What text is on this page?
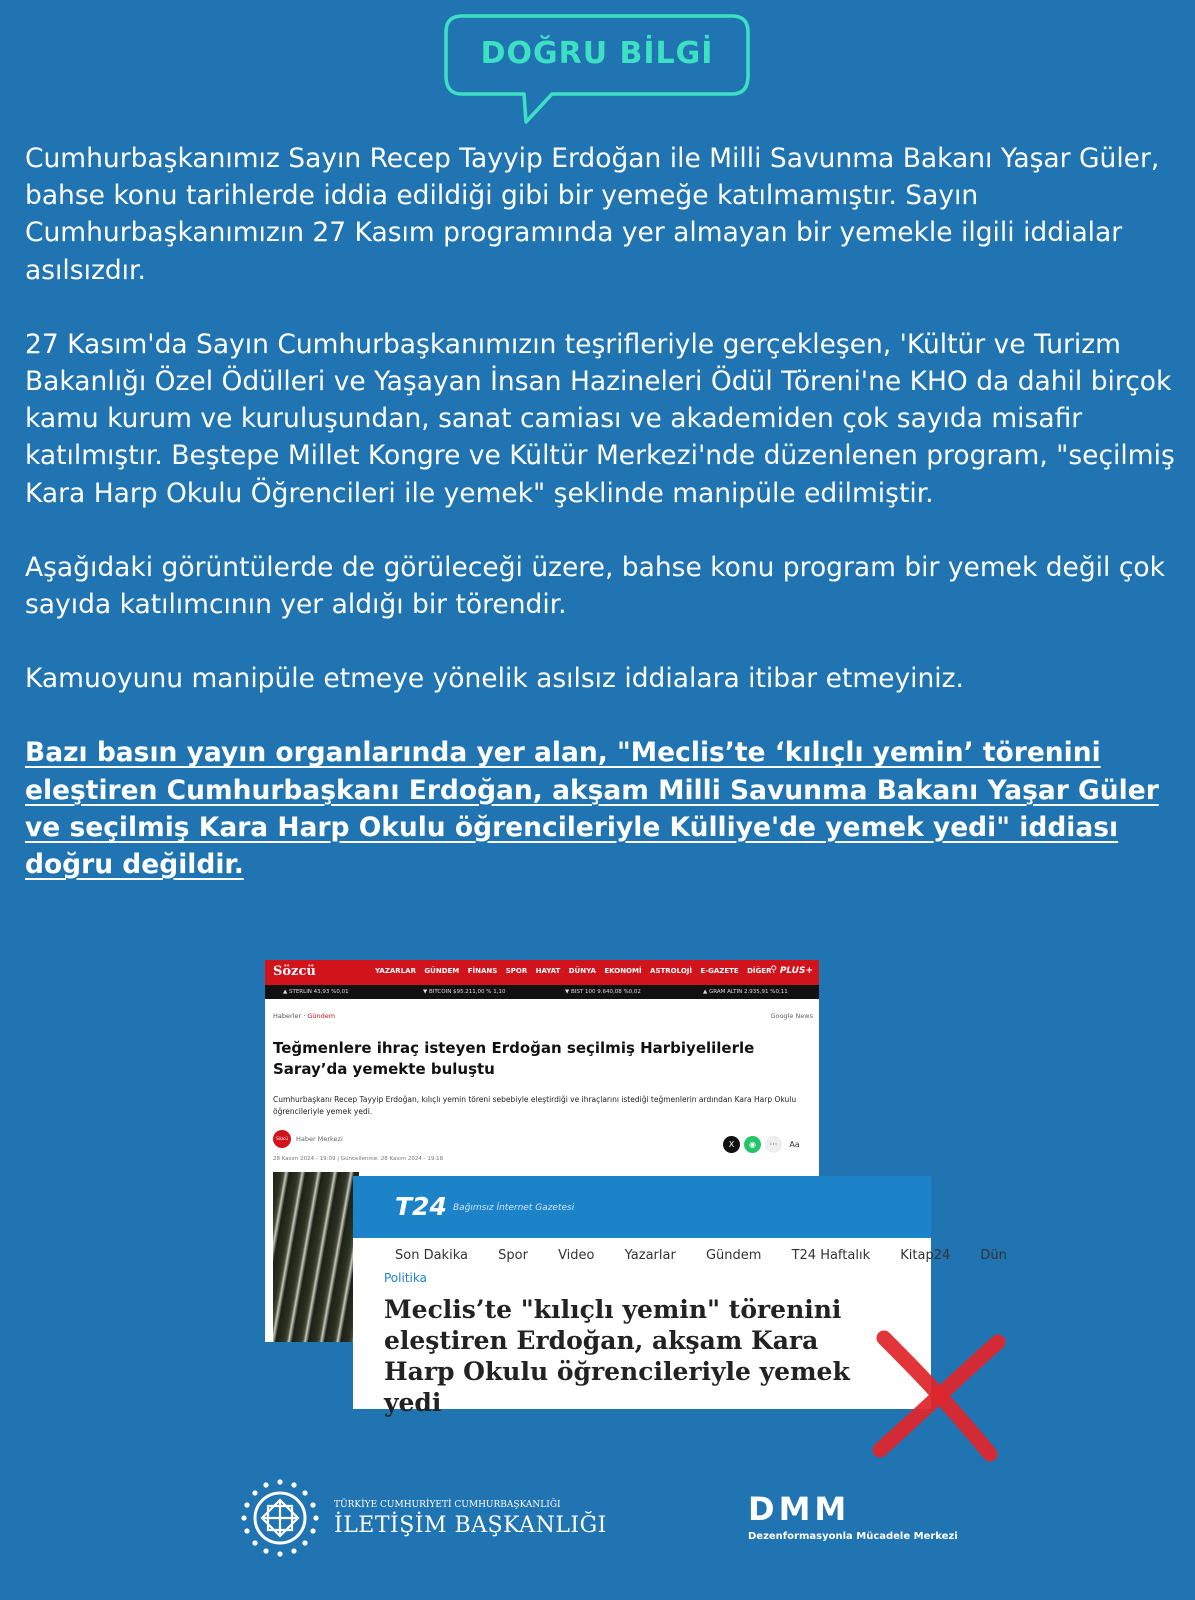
DOĞRU BİLGİ

Cumhurbaşkanımız Sayın Recep Tayyip Erdoğan ile Milli Savunma Bakanı Yaşar Güler, bahse konu tarihlerde iddia edildiği gibi bir yemeğe katılmamıştır. Sayın Cumhurbaşkanımızın 27 Kasım programında yer almayan bir yemekle ilgili iddialar asılsızdır.

27 Kasım'da Sayın Cumhurbaşkanımızın teşrifleriyle gerçekleşen, 'Kültür ve Turizm Bakanlığı Özel Ödülleri ve Yaşayan İnsan Hazineleri Ödül Töreni'ne KHO da dahil birçok kamu kurum ve kuruluşundan, sanat camiası ve akademiden çok sayıda misafir katılmıştır. Beştepe Millet Kongre ve Kültür Merkezi'nde düzenlenen program, "seçilmiş Kara Harp Okulu Öğrencileri ile yemek" şeklinde manipüle edilmiştir.

Aşağıdaki görüntülerde de görüleceği üzere, bahse konu program bir yemek değil çok sayıda katılımcının yer aldığı bir törendir.

Kamuoyunu manipüle etmeye yönelik asılsız iddialara itibar etmeyiniz.

Bazı basın yayın organlarında yer alan, "Meclis’te ‘kılıçlı yemin’ törenini eleştiren Cumhurbaşkanı Erdoğan, akşam Milli Savunma Bakanı Yaşar Güler ve seçilmiş Kara Harp Okulu öğrencileriyle Külliye'de yemek yedi" iddiası doğru değildir.

Sözcü	YAZARLAR GÜNDEM FİNANS SPOR HAYAT DÜNYA EKONOMİ ASTROLOJİ E-GAZETE DİĞER
⚲ PLUS+
▲ STERLIN 43,93 %0,01	▼ BITCOIN $95.211,00 % 1,10	▼ BIST 100 9.640,08 %0,02	▲ GRAM ALTIN 2.935,91 %0,11
Haberler · Gündem	Google News
Teğmenlere ihraç isteyen Erdoğan seçilmiş Harbiyelilerle Saray’da yemekte buluştu
Cumhurbaşkanı Recep Tayyip Erdoğan, kılıçlı yemin töreni sebebiyle eleştirdiği ve ihraçlarını istediği teğmenlerin ardından Kara Harp Okulu öğrencileriyle yemek yedi.
Sözcü	Haber Merkezi
28 Kasım 2024 - 19:09 | Güncellenme: 28 Kasım 2024 - 19:18
X	◉	···	Aa
T24 Bağımsız İnternet Gazetesi
Son Dakika Spor Video Yazarlar Gündem T24 Haftalık Kitap24 Dün
Politika
Meclis’te "kılıçlı yemin" törenini eleştiren Erdoğan, akşam Kara Harp Okulu öğrencileriyle yemek yedi
TÜRKİYE CUMHURİYETİ CUMHURBAŞKANLIĞI
İLETİŞİM BAŞKANLIĞI	DMM
Dezenformasyonla Mücadele Merkezi
